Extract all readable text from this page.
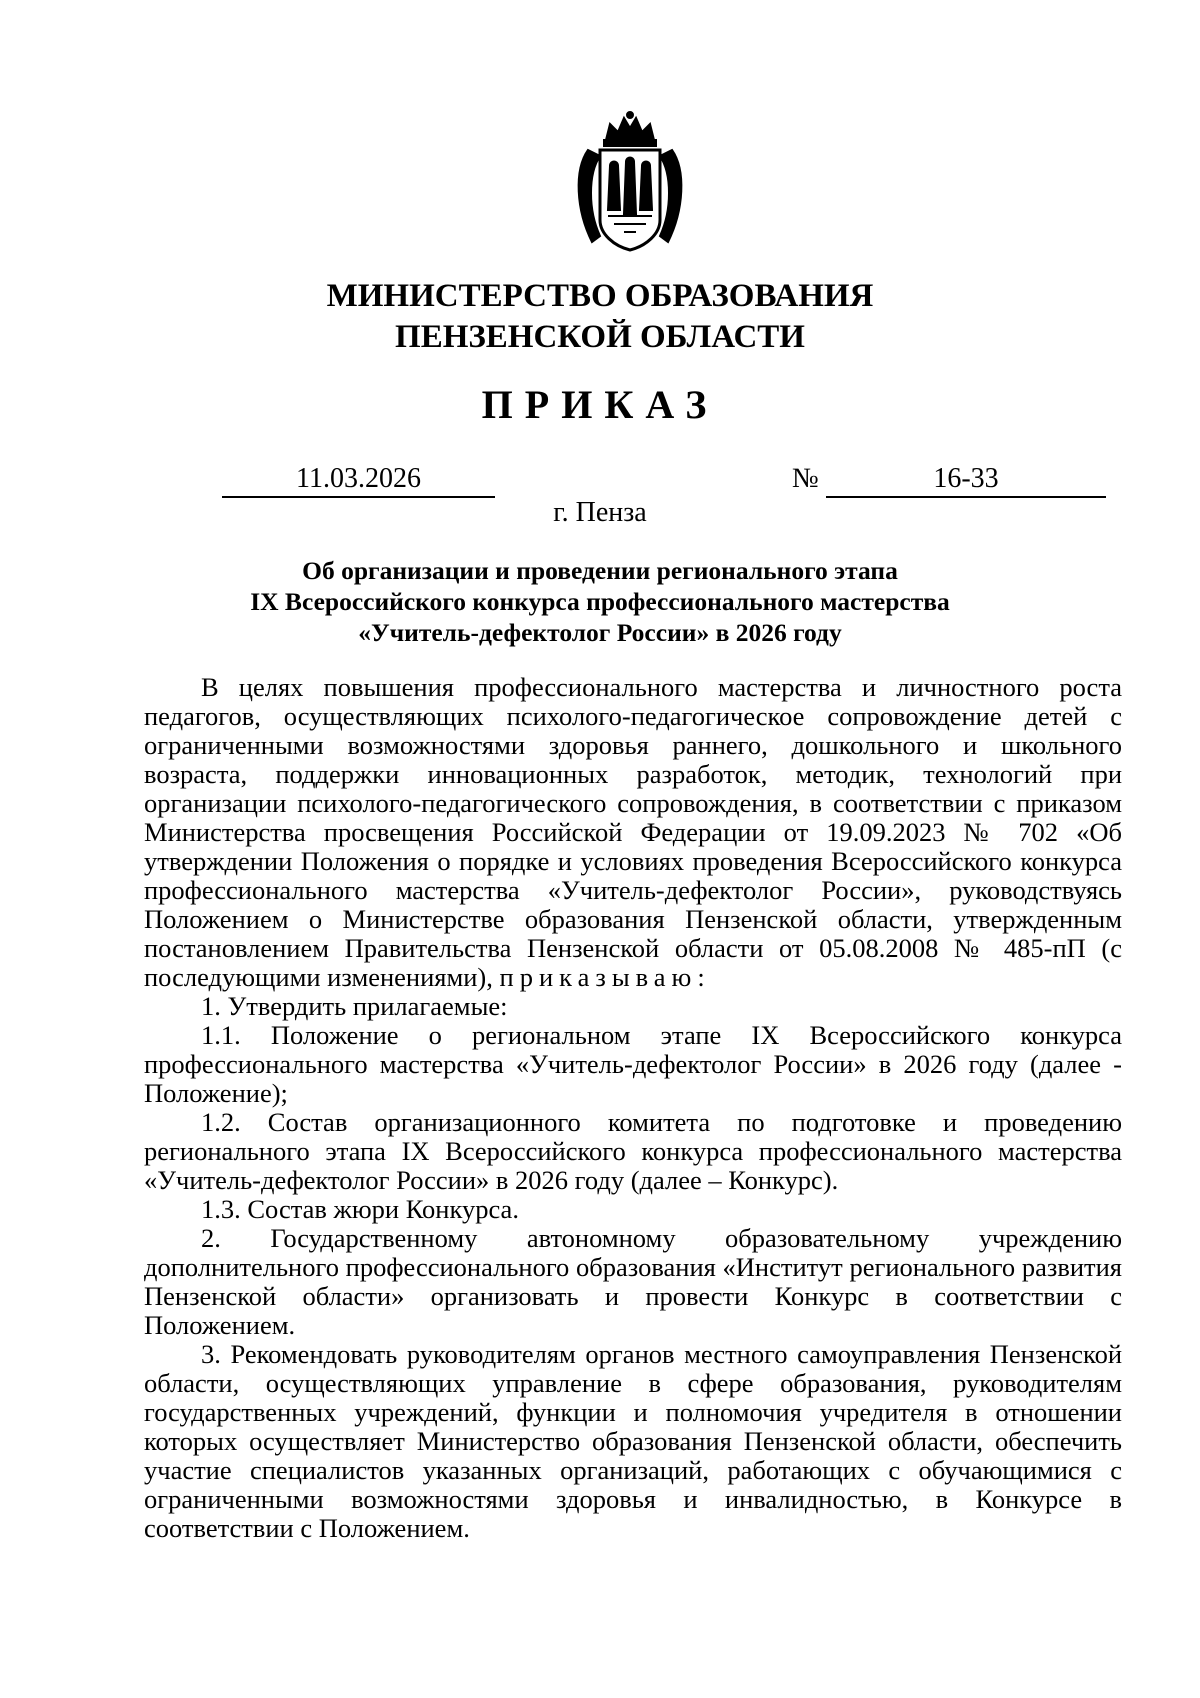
МИНИСТЕРСТВО ОБРАЗОВАНИЯ
ПЕНЗЕНСКОЙ ОБЛАСТИ
ПРИКАЗ
11.03.2026	№	16-33
г. Пенза
Об организации и проведении регионального этапа
IX Всероссийского конкурса профессионального мастерства
«Учитель-дефектолог России» в 2026 году

В целях повышения профессионального мастерства и личностного роста педагогов, осуществляющих психолого-педагогическое сопровождение детей с ограниченными возможностями здоровья раннего, дошкольного и школьного возраста, поддержки инновационных разработок, методик, технологий при организации психолого-педагогического сопровождения, в соответствии с приказом Министерства просвещения Российской Федерации от 19.09.2023 № 702 «Об утверждении Положения о порядке и условиях проведения Всероссийского конкурса профессионального мастерства «Учитель-дефектолог России», руководствуясь Положением о Министерстве образования Пензенской области, утвержденным постановлением Правительства Пензенской области от 05.08.2008 № 485-пП (с последующими изменениями), приказываю:

1. Утвердить прилагаемые:

1.1. Положение о региональном этапе IX Всероссийского конкурса профессионального мастерства «Учитель-дефектолог России» в 2026 году (далее - Положение);

1.2. Состав организационного комитета по подготовке и проведению регионального этапа IX Всероссийского конкурса профессионального мастерства «Учитель-дефектолог России» в 2026 году (далее – Конкурс).

1.3. Состав жюри Конкурса.

2. Государственному автономному образовательному учреждению дополнительного профессионального образования «Институт регионального развития Пензенской области» организовать и провести Конкурс в соответствии с Положением.

3. Рекомендовать руководителям органов местного самоуправления Пензенской области, осуществляющих управление в сфере образования, руководителям государственных учреждений, функции и полномочия учредителя в отношении которых осуществляет Министерство образования Пензенской области, обеспечить участие специалистов указанных организаций, работающих с обучающимися с ограниченными возможностями здоровья и инвалидностью, в Конкурсе в соответствии с Положением.
